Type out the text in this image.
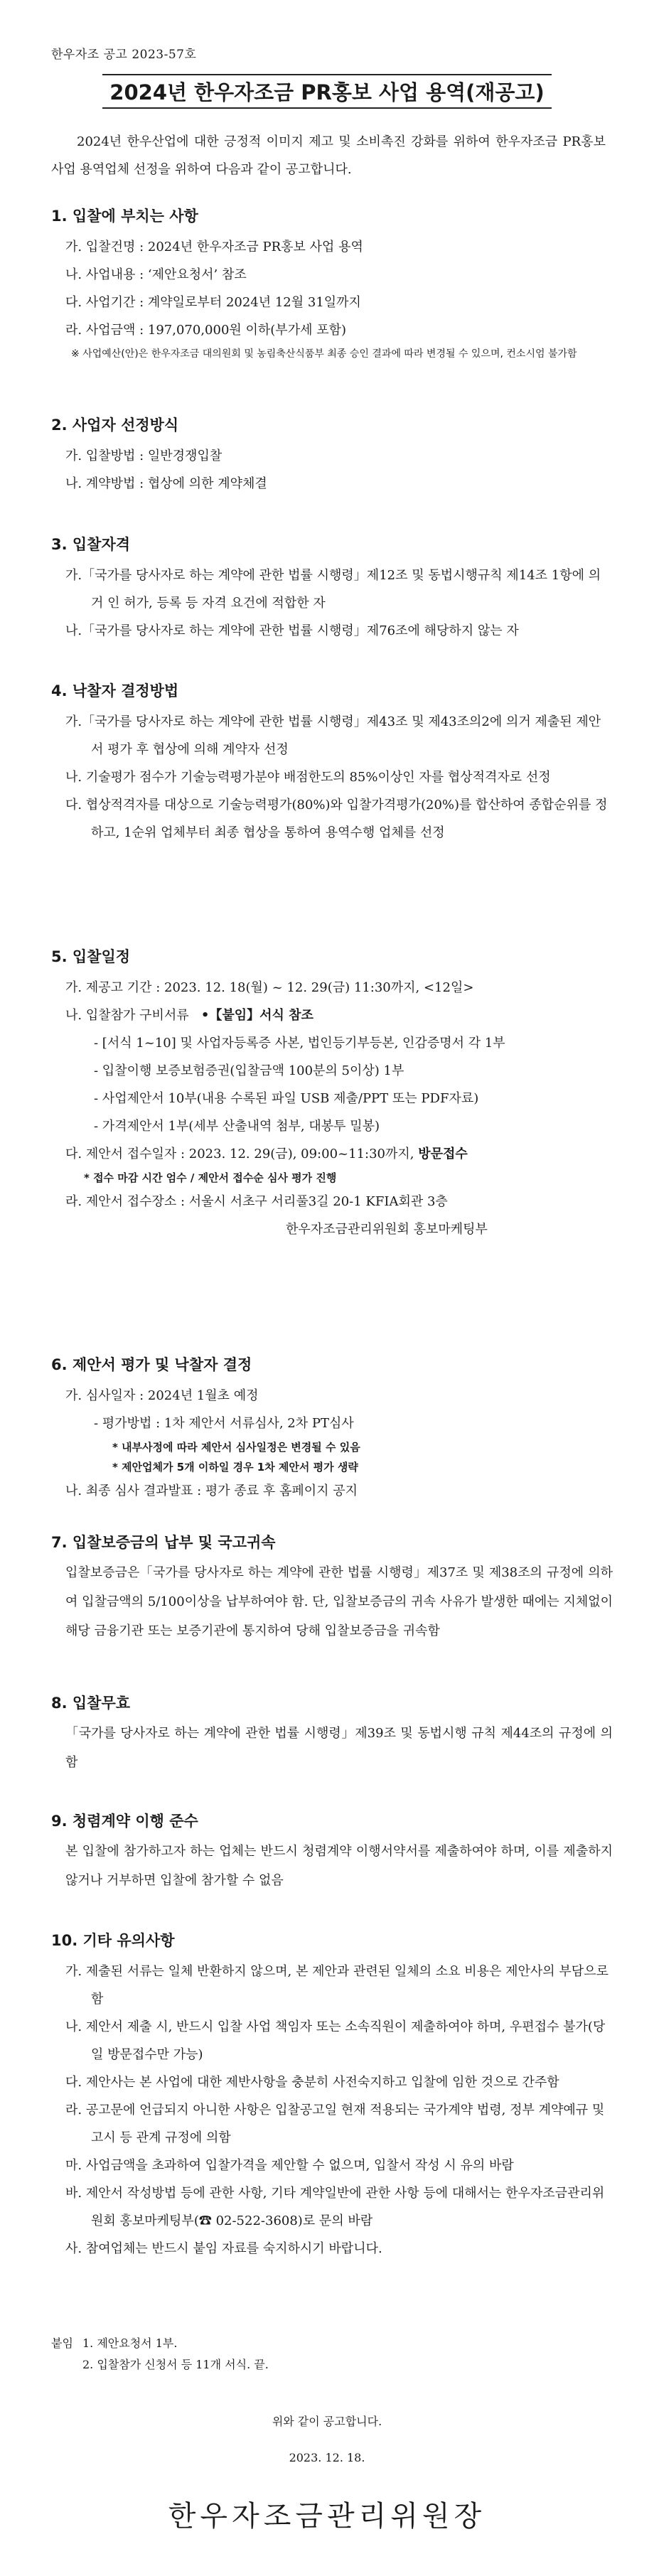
한우자조 공고 2023-57호
2024년 한우자조금 PR홍보 사업 용역(재공고)
2024년 한우산업에 대한 긍정적 이미지 제고 및 소비촉진 강화를 위하여 한우자조금 PR홍보 사업 용역업체 선정을 위하여 다음과 같이 공고합니다.

1. 입찰에 부치는 사항

가. 입찰건명 : 2024년 한우자조금 PR홍보 사업 용역
나. 사업내용 : ‘제안요청서’ 참조
다. 사업기간 : 계약일로부터 2024년 12월 31일까지
라. 사업금액 : 197,070,000원 이하(부가세 포함)
※ 사업예산(안)은 한우자조금 대의원회 및 농림축산식품부 최종 승인 결과에 따라 변경될 수 있으며, 컨소시엄 불가함

2. 사업자 선정방식

가. 입찰방법 : 일반경쟁입찰
나. 계약방법 : 협상에 의한 계약체결

3. 입찰자격

가.「국가를 당사자로 하는 계약에 관한 법률 시행령」제12조 및 동법시행규칙 제14조 1항에 의거 인 허가, 등록 등 자격 요건에 적합한 자
나.「국가를 당사자로 하는 계약에 관한 법률 시행령」제76조에 해당하지 않는 자

4. 낙찰자 결정방법

가.「국가를 당사자로 하는 계약에 관한 법률 시행령」제43조 및 제43조의2에 의거 제출된 제안서 평가 후 협상에 의해 계약자 선정
나. 기술평가 점수가 기술능력평가분야 배점한도의 85%이상인 자를 협상적격자로 선정
다. 협상적격자를 대상으로 기술능력평가(80%)와 입찰가격평가(20%)를 합산하여 종합순위를 정하고, 1순위 업체부터 최종 협상을 통하여 용역수행 업체를 선정

5. 입찰일정

가. 제공고 기간 : 2023. 12. 18(월) ~ 12. 29(금) 11:30까지, <12일>
나. 입찰참가 구비서류 •【붙임】서식 참조
- [서식 1~10] 및 사업자등록증 사본, 법인등기부등본, 인감증명서 각 1부
- 입찰이행 보증보험증권(입찰금액 100분의 5이상) 1부
- 사업제안서 10부(내용 수록된 파일 USB 제출/PPT 또는 PDF자료)
- 가격제안서 1부(세부 산출내역 첨부, 대봉투 밀봉)
다. 제안서 접수일자 : 2023. 12. 29(금), 09:00~11:30까지, 방문접수
* 접수 마감 시간 엄수 / 제안서 접수순 심사 평가 진행
라. 제안서 접수장소 : 서울시 서초구 서리풀3길 20-1 KFIA회관 3층
한우자조금관리위원회 홍보마케팅부

6. 제안서 평가 및 낙찰자 결정

가. 심사일자 : 2024년 1월초 예정
- 평가방법 : 1차 제안서 서류심사, 2차 PT심사
* 내부사정에 따라 제안서 심사일정은 변경될 수 있음
* 제안업체가 5개 이하일 경우 1차 제안서 평가 생략
나. 최종 심사 결과발표 : 평가 종료 후 홈페이지 공지

7. 입찰보증금의 납부 및 국고귀속

입찰보증금은「국가를 당사자로 하는 계약에 관한 법률 시행령」제37조 및 제38조의 규정에 의하여 입찰금액의 5/100이상을 납부하여야 함. 단, 입찰보증금의 귀속 사유가 발생한 때에는 지체없이 해당 금융기관 또는 보증기관에 통지하여 당해 입찰보증금을 귀속함

8. 입찰무효

「국가를 당사자로 하는 계약에 관한 법률 시행령」제39조 및 동법시행 규칙 제44조의 규정에 의함

9. 청렴계약 이행 준수

본 입찰에 참가하고자 하는 업체는 반드시 청렴계약 이행서약서를 제출하여야 하며, 이를 제출하지 않거나 거부하면 입찰에 참가할 수 없음

10. 기타 유의사항

가. 제출된 서류는 일체 반환하지 않으며, 본 제안과 관련된 일체의 소요 비용은 제안사의 부담으로 함
나. 제안서 제출 시, 반드시 입찰 사업 책임자 또는 소속직원이 제출하여야 하며, 우편접수 불가(당일 방문접수만 가능)
다. 제안사는 본 사업에 대한 제반사항을 충분히 사전숙지하고 입찰에 임한 것으로 간주함
라. 공고문에 언급되지 아니한 사항은 입찰공고일 현재 적용되는 국가계약 법령, 정부 계약예규 및 고시 등 관계 규정에 의함
마. 사업금액을 초과하여 입찰가격을 제안할 수 없으며, 입찰서 작성 시 유의 바람
바. 제안서 작성방법 등에 관한 사항, 기타 계약일반에 관한 사항 등에 대해서는 한우자조금관리위원회 홍보마케팅부(☎ 02-522-3608)로 문의 바람
사. 참여업체는 반드시 붙임 자료를 숙지하시기 바랍니다.
붙임 1. 제안요청서 1부.
2. 입찰참가 신청서 등 11개 서식. 끝.
위와 같이 공고합니다.
2023. 12. 18.
한우자조금관리위원장
